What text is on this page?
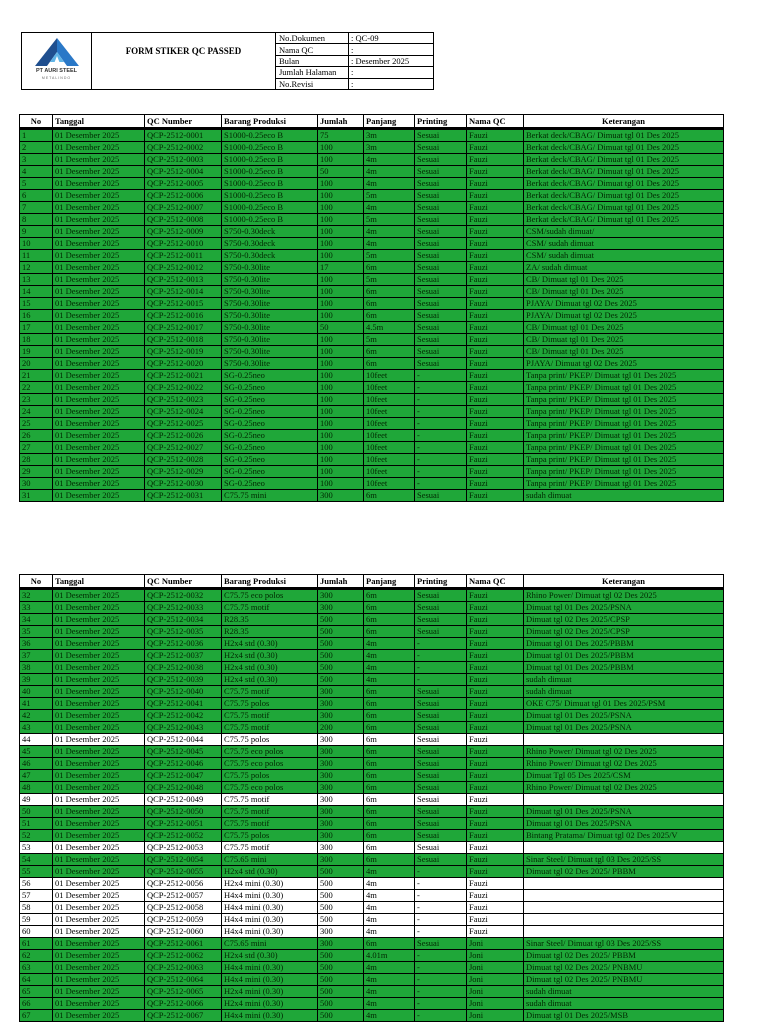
PT AURI STEEL
METALINDO
FORM STIKER QC PASSED
No.Dokumen	: QC-09
Nama QC	:
Bulan	: Desember 2025
Jumlah Halaman	:
No.Revisi	:
No	Tanggal	QC Number	Barang Produksi	Jumlah	Panjang	Printing	Nama QC	Keterangan
1	01 Desember 2025	QCP-2512-0001	S1000-0.25eco B	75	3m	Sesuai	Fauzi	Berkat deck/CBAG/ Dimuat tgl 01 Des 2025
2	01 Desember 2025	QCP-2512-0002	S1000-0.25eco B	100	3m	Sesuai	Fauzi	Berkat deck/CBAG/ Dimuat tgl 01 Des 2025
3	01 Desember 2025	QCP-2512-0003	S1000-0.25eco B	100	4m	Sesuai	Fauzi	Berkat deck/CBAG/ Dimuat tgl 01 Des 2025
4	01 Desember 2025	QCP-2512-0004	S1000-0.25eco B	50	4m	Sesuai	Fauzi	Berkat deck/CBAG/ Dimuat tgl 01 Des 2025
5	01 Desember 2025	QCP-2512-0005	S1000-0.25eco B	100	4m	Sesuai	Fauzi	Berkat deck/CBAG/ Dimuat tgl 01 Des 2025
6	01 Desember 2025	QCP-2512-0006	S1000-0.25eco B	100	5m	Sesuai	Fauzi	Berkat deck/CBAG/ Dimuat tgl 01 Des 2025
7	01 Desember 2025	QCP-2512-0007	S1000-0.25eco B	100	4m	Sesuai	Fauzi	Berkat deck/CBAG/ Dimuat tgl 01 Des 2025
8	01 Desember 2025	QCP-2512-0008	S1000-0.25eco B	100	5m	Sesuai	Fauzi	Berkat deck/CBAG/ Dimuat tgl 01 Des 2025
9	01 Desember 2025	QCP-2512-0009	S750-0.30deck	100	4m	Sesuai	Fauzi	CSM/sudah dimuat/
10	01 Desember 2025	QCP-2512-0010	S750-0.30deck	100	4m	Sesuai	Fauzi	CSM/ sudah dimuat
11	01 Desember 2025	QCP-2512-0011	S750-0.30deck	100	5m	Sesuai	Fauzi	CSM/ sudah dimuat
12	01 Desember 2025	QCP-2512-0012	S750-0.30lite	17	6m	Sesuai	Fauzi	ZA/ sudah dimuat
13	01 Desember 2025	QCP-2512-0013	S750-0.30lite	100	5m	Sesuai	Fauzi	CB/ Dimuat tgl 01 Des 2025
14	01 Desember 2025	QCP-2512-0014	S750-0.30lite	100	6m	Sesuai	Fauzi	CB/ Dimuat tgl 01 Des 2025
15	01 Desember 2025	QCP-2512-0015	S750-0.30lite	100	6m	Sesuai	Fauzi	PJAYA/ Dimuat tgl 02 Des 2025
16	01 Desember 2025	QCP-2512-0016	S750-0.30lite	100	6m	Sesuai	Fauzi	PJAYA/ Dimuat tgl 02 Des 2025
17	01 Desember 2025	QCP-2512-0017	S750-0.30lite	50	4.5m	Sesuai	Fauzi	CB/ Dimuat tgl 01 Des 2025
18	01 Desember 2025	QCP-2512-0018	S750-0.30lite	100	5m	Sesuai	Fauzi	CB/ Dimuat tgl 01 Des 2025
19	01 Desember 2025	QCP-2512-0019	S750-0.30lite	100	6m	Sesuai	Fauzi	CB/ Dimuat tgl 01 Des 2025
20	01 Desember 2025	QCP-2512-0020	S750-0.30lite	100	6m	Sesuai	Fauzi	PJAYA/ Dimuat tgl 02 Des 2025
21	01 Desember 2025	QCP-2512-0021	SG-0.25neo	100	10feet	-	Fauzi	Tanpa print/ PKEP/ Dimuat tgl 01 Des 2025
22	01 Desember 2025	QCP-2512-0022	SG-0.25neo	100	10feet	-	Fauzi	Tanpa print/ PKEP/ Dimuat tgl 01 Des 2025
23	01 Desember 2025	QCP-2512-0023	SG-0.25neo	100	10feet	-	Fauzi	Tanpa print/ PKEP/ Dimuat tgl 01 Des 2025
24	01 Desember 2025	QCP-2512-0024	SG-0.25neo	100	10feet	-	Fauzi	Tanpa print/ PKEP/ Dimuat tgl 01 Des 2025
25	01 Desember 2025	QCP-2512-0025	SG-0.25neo	100	10feet	-	Fauzi	Tanpa print/ PKEP/ Dimuat tgl 01 Des 2025
26	01 Desember 2025	QCP-2512-0026	SG-0.25neo	100	10feet	-	Fauzi	Tanpa print/ PKEP/ Dimuat tgl 01 Des 2025
27	01 Desember 2025	QCP-2512-0027	SG-0.25neo	100	10feet	-	Fauzi	Tanpa print/ PKEP/ Dimuat tgl 01 Des 2025
28	01 Desember 2025	QCP-2512-0028	SG-0.25neo	100	10feet	-	Fauzi	Tanpa print/ PKEP/ Dimuat tgl 01 Des 2025
29	01 Desember 2025	QCP-2512-0029	SG-0.25neo	100	10feet	-	Fauzi	Tanpa print/ PKEP/ Dimuat tgl 01 Des 2025
30	01 Desember 2025	QCP-2512-0030	SG-0.25neo	100	10feet	-	Fauzi	Tanpa print/ PKEP/ Dimuat tgl 01 Des 2025
31	01 Desember 2025	QCP-2512-0031	C75.75 mini	300	6m	Sesuai	Fauzi	sudah dimuat
No	Tanggal	QC Number	Barang Produksi	Jumlah	Panjang	Printing	Nama QC	Keterangan
32	01 Desember 2025	QCP-2512-0032	C75.75 eco polos	300	6m	Sesuai	Fauzi	Rhino Power/ Dimuat tgl 02 Des 2025
33	01 Desember 2025	QCP-2512-0033	C75.75 motif	300	6m	Sesuai	Fauzi	Dimuat tgl 01 Des 2025/PSNA
34	01 Desember 2025	QCP-2512-0034	R28.35	500	6m	Sesuai	Fauzi	Dimuat tgl 02 Des 2025/CPSP
35	01 Desember 2025	QCP-2512-0035	R28.35	500	6m	Sesuai	Fauzi	Dimuat tgl 02 Des 2025/CPSP
36	01 Desember 2025	QCP-2512-0036	H2x4 std (0.30)	500	4m	-	Fauzi	Dimuat tgl 01 Des 2025/PBBM
37	01 Desember 2025	QCP-2512-0037	H2x4 std (0.30)	500	4m	-	Fauzi	Dimuat tgl 01 Des 2025/PBBM
38	01 Desember 2025	QCP-2512-0038	H2x4 std (0.30)	500	4m	-	Fauzi	Dimuat tgl 01 Des 2025/PBBM
39	01 Desember 2025	QCP-2512-0039	H2x4 std (0.30)	500	4m	-	Fauzi	sudah dimuat
40	01 Desember 2025	QCP-2512-0040	C75.75 motif	300	6m	Sesuai	Fauzi	sudah dimuat
41	01 Desember 2025	QCP-2512-0041	C75.75 polos	300	6m	Sesuai	Fauzi	OKE C75/ Dimuat tgl 01 Des 2025/PSM
42	01 Desember 2025	QCP-2512-0042	C75.75 motif	300	6m	Sesuai	Fauzi	Dimuat tgl 01 Des 2025/PSNA
43	01 Desember 2025	QCP-2512-0043	C75.75 motif	200	6m	Sesuai	Fauzi	Dimuat tgl 01 Des 2025/PSNA
44	01 Desember 2025	QCP-2512-0044	C75.75 polos	300	6m	Sesuai	Fauzi	
45	01 Desember 2025	QCP-2512-0045	C75.75 eco polos	300	6m	Sesuai	Fauzi	Rhino Power/ Dimuat tgl 02 Des 2025
46	01 Desember 2025	QCP-2512-0046	C75.75 eco polos	300	6m	Sesuai	Fauzi	Rhino Power/ Dimuat tgl 02 Des 2025
47	01 Desember 2025	QCP-2512-0047	C75.75 polos	300	6m	Sesuai	Fauzi	Dimuat Tgl 05 Des 2025/CSM
48	01 Desember 2025	QCP-2512-0048	C75.75 eco polos	300	6m	Sesuai	Fauzi	Rhino Power/ Dimuat tgl 02 Des 2025
49	01 Desember 2025	QCP-2512-0049	C75.75 motif	300	6m	Sesuai	Fauzi	
50	01 Desember 2025	QCP-2512-0050	C75.75 motif	300	6m	Sesuai	Fauzi	Dimuat tgl 01 Des 2025/PSNA
51	01 Desember 2025	QCP-2512-0051	C75.75 motif	300	6m	Sesuai	Fauzi	Dimuat tgl 01 Des 2025/PSNA
52	01 Desember 2025	QCP-2512-0052	C75.75 polos	300	6m	Sesuai	Fauzi	Bintang Pratama/ Dimuat tgl 02 Des 2025/V
53	01 Desember 2025	QCP-2512-0053	C75.75 motif	300	6m	Sesuai	Fauzi	
54	01 Desember 2025	QCP-2512-0054	C75.65 mini	300	6m	Sesuai	Fauzi	Sinar Steel/ Dimuat tgl 03 Des 2025/SS
55	01 Desember 2025	QCP-2512-0055	H2x4 std (0.30)	500	4m	-	Fauzi	Dimuat tgl 02 Des 2025/ PBBM
56	01 Desember 2025	QCP-2512-0056	H2x4 mini (0.30)	500	4m	-	Fauzi	
57	01 Desember 2025	QCP-2512-0057	H4x4 mini (0.30)	500	4m	-	Fauzi	
58	01 Desember 2025	QCP-2512-0058	H4x4 mini (0.30)	500	4m	-	Fauzi	
59	01 Desember 2025	QCP-2512-0059	H4x4 mini (0.30)	500	4m	-	Fauzi	
60	01 Desember 2025	QCP-2512-0060	H4x4 mini (0.30)	300	4m	-	Fauzi	
61	01 Desember 2025	QCP-2512-0061	C75.65 mini	300	6m	Sesuai	Joni	Sinar Steel/ Dimuat tgl 03 Des 2025/SS
62	01 Desember 2025	QCP-2512-0062	H2x4 std (0.30)	500	4.01m	-	Joni	Dimuat tgl 02 Des 2025/ PBBM
63	01 Desember 2025	QCP-2512-0063	H4x4 mini (0.30)	500	4m	-	Joni	Dimuat tgl 02 Des 2025/ PNBMU
64	01 Desember 2025	QCP-2512-0064	H4x4 mini (0.30)	500	4m	-	Joni	Dimuat tgl 02 Des 2025/ PNBMU
65	01 Desember 2025	QCP-2512-0065	H2x4 mini (0.30)	500	4m	-	Joni	sudah dimuat
66	01 Desember 2025	QCP-2512-0066	H2x4 mini (0.30)	500	4m	-	Joni	sudah dimuat
67	01 Desember 2025	QCP-2512-0067	H4x4 mini (0.30)	500	4m	-	Joni	Dimuat tgl 01 Des 2025/MSB
